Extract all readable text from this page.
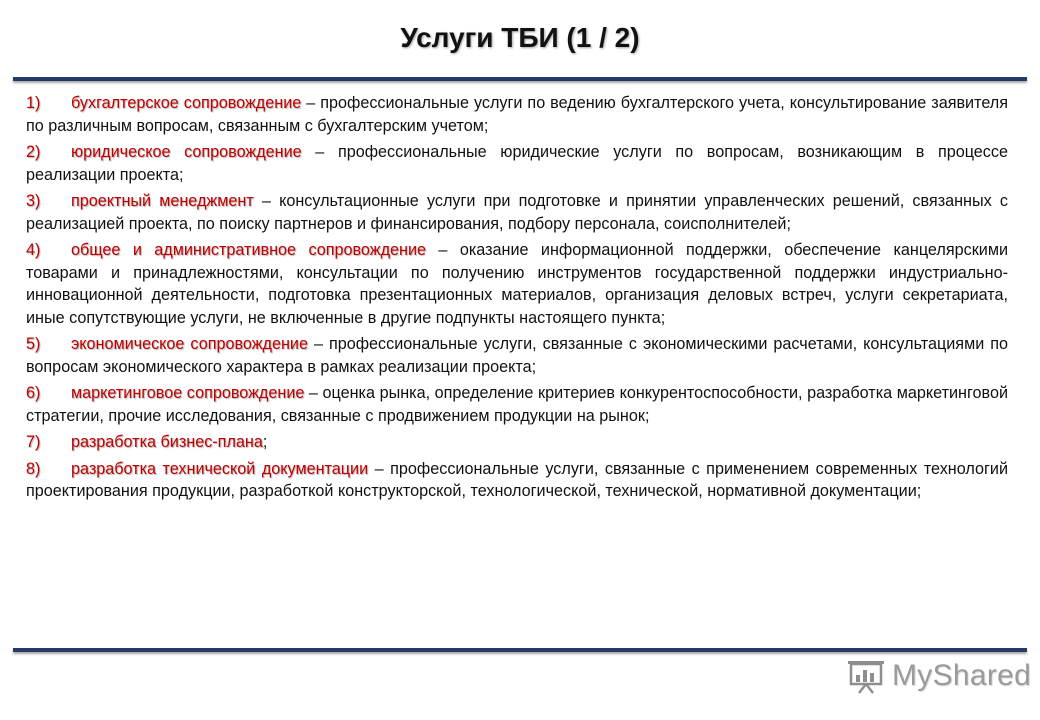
Услуги ТБИ (1 / 2)

1) бухгалтерское сопровождение – профессиональные услуги по ведению бухгалтерского учета, консультирование заявителя по различным вопросам, связанным с бухгалтерским учетом;

2) юридическое сопровождение – профессиональные юридические услуги по вопросам, возникающим в процессе реализации проекта;

3) проектный менеджмент – консультационные услуги при подготовке и принятии управленческих решений, связанных с реализацией проекта, по поиску партнеров и финансирования, подбору персонала, соисполнителей;

4) общее и административное сопровождение – оказание информационной поддержки, обеспечение канцелярскими товарами и принадлежностями, консультации по получению инструментов государственной поддержки индустриально-инновационной деятельности, подготовка презентационных материалов, организация деловых встреч, услуги секретариата, иные сопутствующие услуги, не включенные в другие подпункты настоящего пункта;

5) экономическое сопровождение – профессиональные услуги, связанные с экономическими расчетами, консультациями по вопросам экономического характера в рамках реализации проекта;

6) маркетинговое сопровождение – оценка рынка, определение критериев конкурентоспособности, разработка маркетинговой стратегии, прочие исследования, связанные с продвижением продукции на рынок;

7) разработка бизнес-плана;

8) разработка технической документации – профессиональные услуги, связанные с применением современных технологий проектирования продукции, разработкой конструкторской, технологической, технической, нормативной документации;

MyShared
